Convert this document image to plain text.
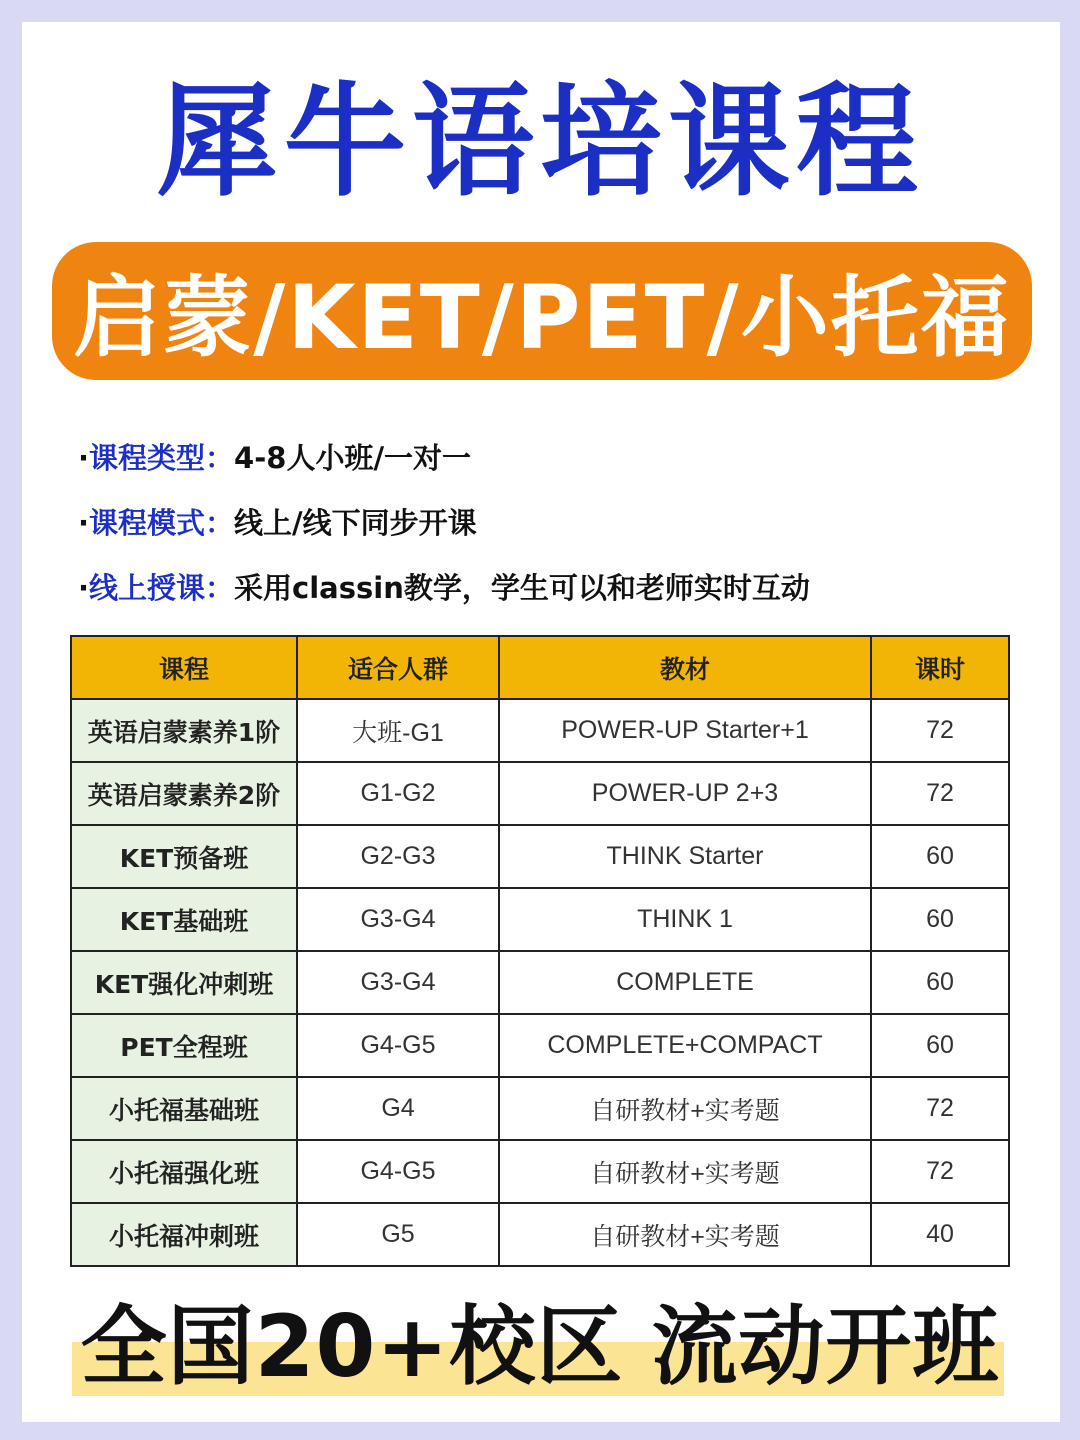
犀牛语培课程
启蒙/KET/PET/小托福
·课程类型：4-8人小班/一对一
·课程模式：线上/线下同步开课
·线上授课：采用classin教学，学生可以和老师实时互动
课程	适合人群	教材	课时
英语启蒙素养1阶	大班-G1	POWER-UP Starter+1	72
英语启蒙素养2阶	G1-G2	POWER-UP 2+3	72
KET预备班	G2-G3	THINK Starter	60
KET基础班	G3-G4	THINK 1	60
KET强化冲刺班	G3-G4	COMPLETE	60
PET全程班	G4-G5	COMPLETE+COMPACT	60
小托福基础班	G4	自研教材+实考题	72
小托福强化班	G4-G5	自研教材+实考题	72
小托福冲刺班	G5	自研教材+实考题	40
全国20+校区 流动开班
